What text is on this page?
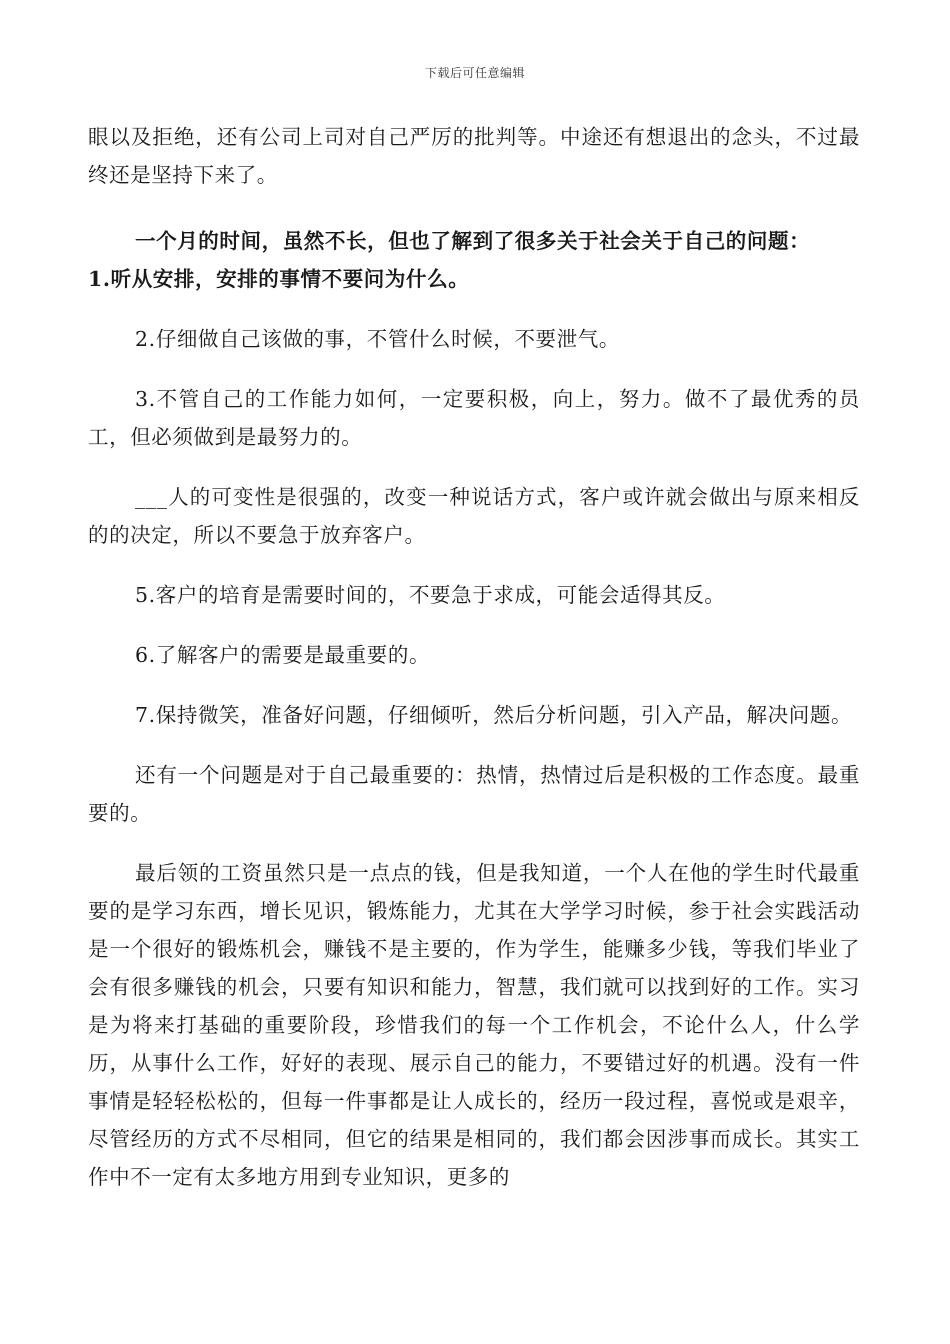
下载后可任意编辑

眼以及拒绝，还有公司上司对自己严厉的批判等。中途还有想退出的念头，不过最终还是坚持下来了。

一个月的时间，虽然不长，但也了解到了很多关于社会关于自己的问题：

1.听从安排，安排的事情不要问为什么。

2.仔细做自己该做的事，不管什么时候，不要泄气。

3.不管自己的工作能力如何，一定要积极，向上，努力。做不了最优秀的员工，但必须做到是最努力的。

___人的可变性是很强的，改变一种说话方式，客户或许就会做出与原来相反的的决定，所以不要急于放弃客户。

5.客户的培育是需要时间的，不要急于求成，可能会适得其反。

6.了解客户的需要是最重要的。

7.保持微笑，准备好问题，仔细倾听，然后分析问题，引入产品，解决问题。

还有一个问题是对于自己最重要的：热情，热情过后是积极的工作态度。最重要的。

最后领的工资虽然只是一点点的钱，但是我知道，一个人在他的学生时代最重要的是学习东西，增长见识，锻炼能力，尤其在大学学习时候，参于社会实践活动是一个很好的锻炼机会，赚钱不是主要的，作为学生，能赚多少钱，等我们毕业了会有很多赚钱的机会，只要有知识和能力，智慧，我们就可以找到好的工作。实习是为将来打基础的重要阶段，珍惜我们的每一个工作机会，不论什么人，什么学历，从事什么工作，好好的表现、展示自己的能力，不要错过好的机遇。没有一件事情是轻轻松松的，但每一件事都是让人成长的，经历一段过程，喜悦或是艰辛，尽管经历的方式不尽相同，但它的结果是相同的，我们都会因涉事而成长。其实工作中不一定有太多地方用到专业知识，更多的
